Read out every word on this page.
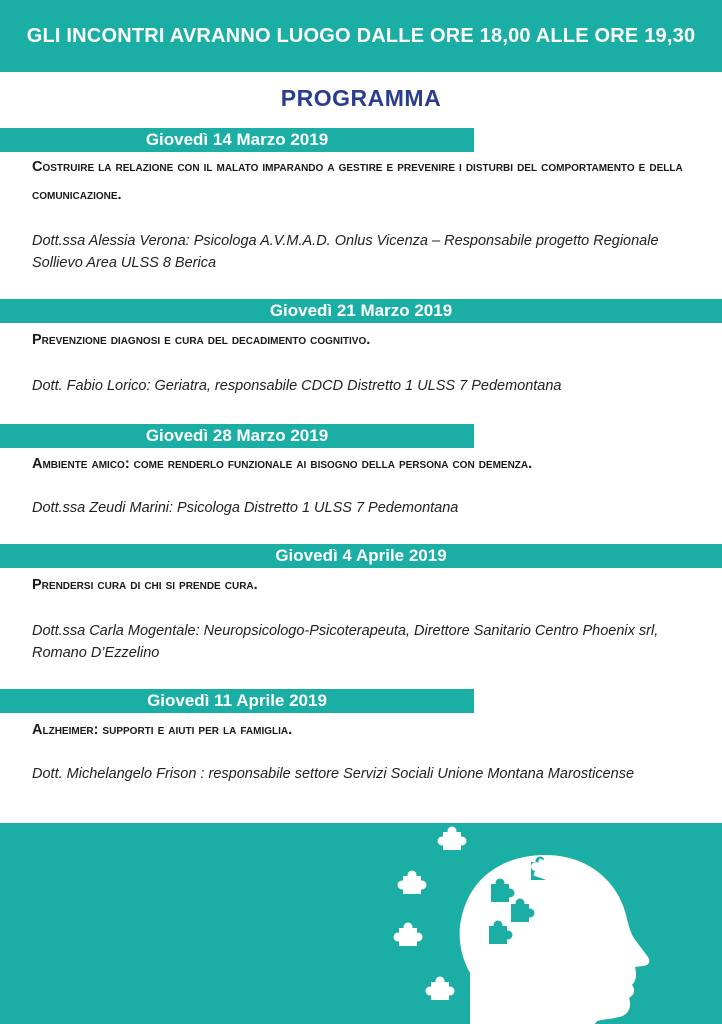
GLI INCONTRI AVRANNO LUOGO DALLE ORE 18,00 ALLE ORE 19,30
PROGRAMMA
Giovedì 14 Marzo 2019
Costruire la relazione con il malato imparando a gestire e prevenire i disturbi del comportamento e della comunicazione.
Dott.ssa Alessia Verona: Psicologa A.V.M.A.D. Onlus Vicenza – Responsabile progetto Regionale Sollievo Area ULSS 8 Berica
Giovedì 21 Marzo 2019
Prevenzione diagnosi e cura del decadimento cognitivo.
Dott. Fabio Lorico: Geriatra, responsabile CDCD Distretto 1 ULSS 7 Pedemontana
Giovedì 28 Marzo 2019
Ambiente amico: come renderlo funzionale ai bisogno della persona con demenza.
Dott.ssa Zeudi Marini: Psicologa Distretto 1 ULSS 7 Pedemontana
Giovedì 4 Aprile 2019
Prendersi cura di chi si prende cura.
Dott.ssa Carla Mogentale: Neuropsicologo-Psicoterapeuta, Direttore Sanitario Centro Phoenix srl, Romano D’Ezzelino
Giovedì 11 Aprile 2019
Alzheimer: supporti e aiuti per la famiglia.
Dott. Michelangelo Frison : responsabile settore Servizi Sociali Unione Montana Marosticense
